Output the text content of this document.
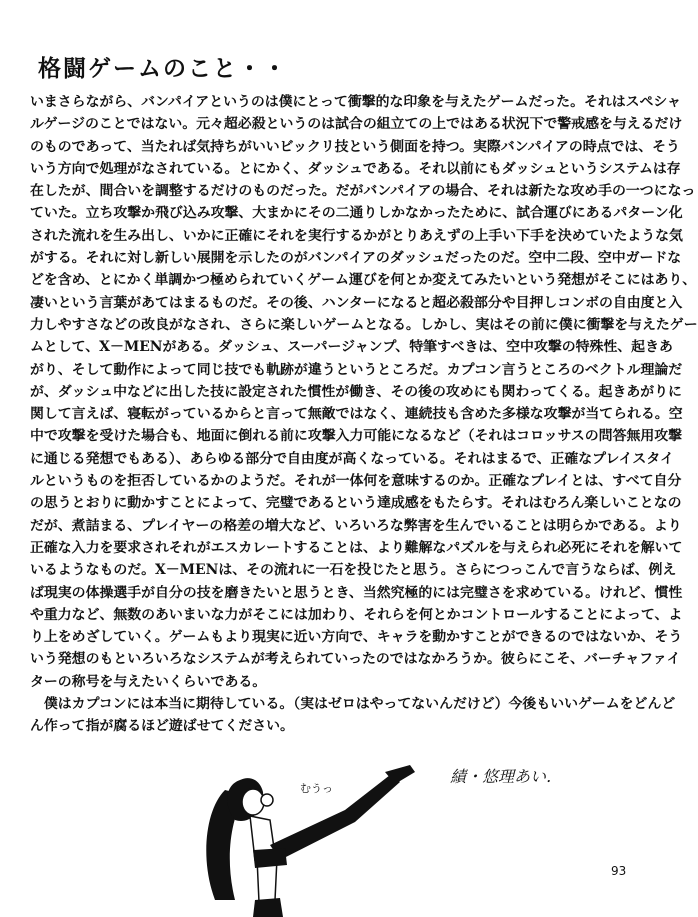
格闘ゲームのこと・・

いまさらながら、バンパイアというのは僕にとって衝撃的な印象を与えたゲームだった。それはスペシャ
ルゲージのことではない。元々超必殺というのは試合の組立ての上ではある状況下で警戒感を与えるだけ
のものであって、当たれば気持ちがいいビックリ技という側面を持つ。実際バンパイアの時点では、そう
いう方向で処理がなされている。とにかく、ダッシュである。それ以前にもダッシュというシステムは存
在したが、間合いを調整するだけのものだった。だがバンパイアの場合、それは新たな攻め手の一つになっ
ていた。立ち攻撃か飛び込み攻撃、大まかにその二通りしかなかったために、試合運びにあるパターン化
された流れを生み出し、いかに正確にそれを実行するかがとりあえずの上手い下手を決めていたような気
がする。それに対し新しい展開を示したのがバンパイアのダッシュだったのだ。空中二段、空中ガードな
どを含め、とにかく単調かつ極められていくゲーム運びを何とか変えてみたいという発想がそこにはあり、
凄いという言葉があてはまるものだ。その後、ハンターになると超必殺部分や目押しコンボの自由度と入
力しやすさなどの改良がなされ、さらに楽しいゲームとなる。しかし、実はその前に僕に衝撃を与えたゲー
ムとして、X－MENがある。ダッシュ、スーパージャンプ、特筆すべきは、空中攻撃の特殊性、起きあ
がり、そして動作によって同じ技でも軌跡が違うというところだ。カプコン言うところのベクトル理論だ
が、ダッシュ中などに出した技に設定された慣性が働き、その後の攻めにも関わってくる。起きあがりに
関して言えば、寝転がっているからと言って無敵ではなく、連続技も含めた多様な攻撃が当てられる。空
中で攻撃を受けた場合も、地面に倒れる前に攻撃入力可能になるなど（それはコロッサスの問答無用攻撃
に通じる発想でもある）、あらゆる部分で自由度が高くなっている。それはまるで、正確なプレイスタイ
ルというものを拒否しているかのようだ。それが一体何を意味するのか。正確なプレイとは、すべて自分
の思うとおりに動かすことによって、完璧であるという達成感をもたらす。それはむろん楽しいことなの
だが、煮詰まる、プレイヤーの格差の増大など、いろいろな弊害を生んでいることは明らかである。より
正確な入力を要求されそれがエスカレートすることは、より難解なパズルを与えられ必死にそれを解いて
いるようなものだ。X－MENは、その流れに一石を投じたと思う。さらにつっこんで言うならば、例え
ば現実の体操選手が自分の技を磨きたいと思うとき、当然究極的には完璧さを求めている。けれど、慣性
や重力など、無数のあいまいな力がそこには加わり、それらを何とかコントロールすることによって、よ
り上をめざしていく。ゲームもより現実に近い方向で、キャラを動かすことができるのではないか、そう
いう発想のもといろいろなシステムが考えられていったのではなかろうか。彼らにこそ、バーチャファイ
ターの称号を与えたいくらいである。

　僕はカプコンには本当に期待している。（実はゼロはやってないんだけど）今後もいいゲームをどんど
ん作って指が腐るほど遊ばせてください。

むうっ
績・悠理あい．
93
